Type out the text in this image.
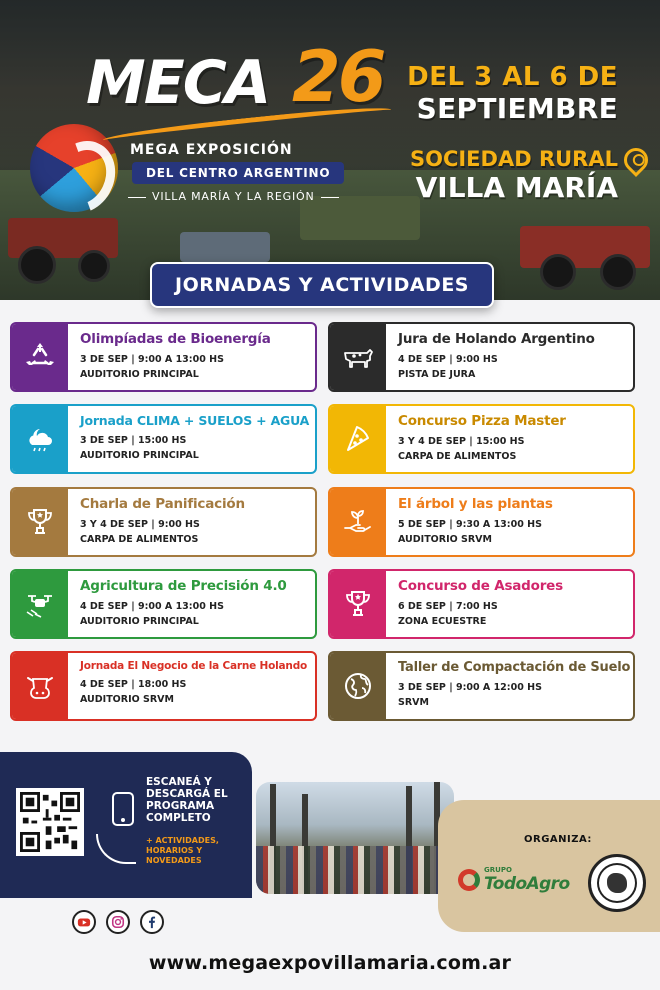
MECA 26
MEGA EXPOSICIÓN
DEL CENTRO ARGENTINO
VILLA MARÍA Y LA REGIÓN
DEL 3 AL 6 DE
SEPTIEMBRE
SOCIEDAD RURAL
VILLA MARÍA
JORNADAS Y ACTIVIDADES
Olimpíadas de Bioenergía
3 DE SEP | 9:00 A 13:00 HS
AUDITORIO PRINCIPAL
Jura de Holando Argentino
4 DE SEP | 9:00 HS
PISTA DE JURA
Jornada CLIMA + SUELOS + AGUA
3 DE SEP | 15:00 HS
AUDITORIO PRINCIPAL
Concurso Pizza Master
3 Y 4 DE SEP | 15:00 HS
CARPA DE ALIMENTOS
Charla de Panificación
3 Y 4 DE SEP | 9:00 HS
CARPA DE ALIMENTOS
El árbol y las plantas
5 DE SEP | 9:30 A 13:00 HS
AUDITORIO SRVM
Agricultura de Precisión 4.0
4 DE SEP | 9:00 A 13:00 HS
AUDITORIO PRINCIPAL
Concurso de Asadores
6 DE SEP | 7:00 HS
ZONA ECUESTRE
Jornada El Negocio de la Carne Holando
4 DE SEP | 18:00 HS
AUDITORIO SRVM
Taller de Compactación de Suelo
3 DE SEP | 9:00 A 12:00 HS
SRVM
ESCANEÁ Y DESCARGÁ EL PROGRAMA COMPLETO
+ ACTIVIDADES, HORARIOS Y NOVEDADES
ORGANIZA:
GRUPO
TodoAgro
www.megaexpovillamaria.com.ar
